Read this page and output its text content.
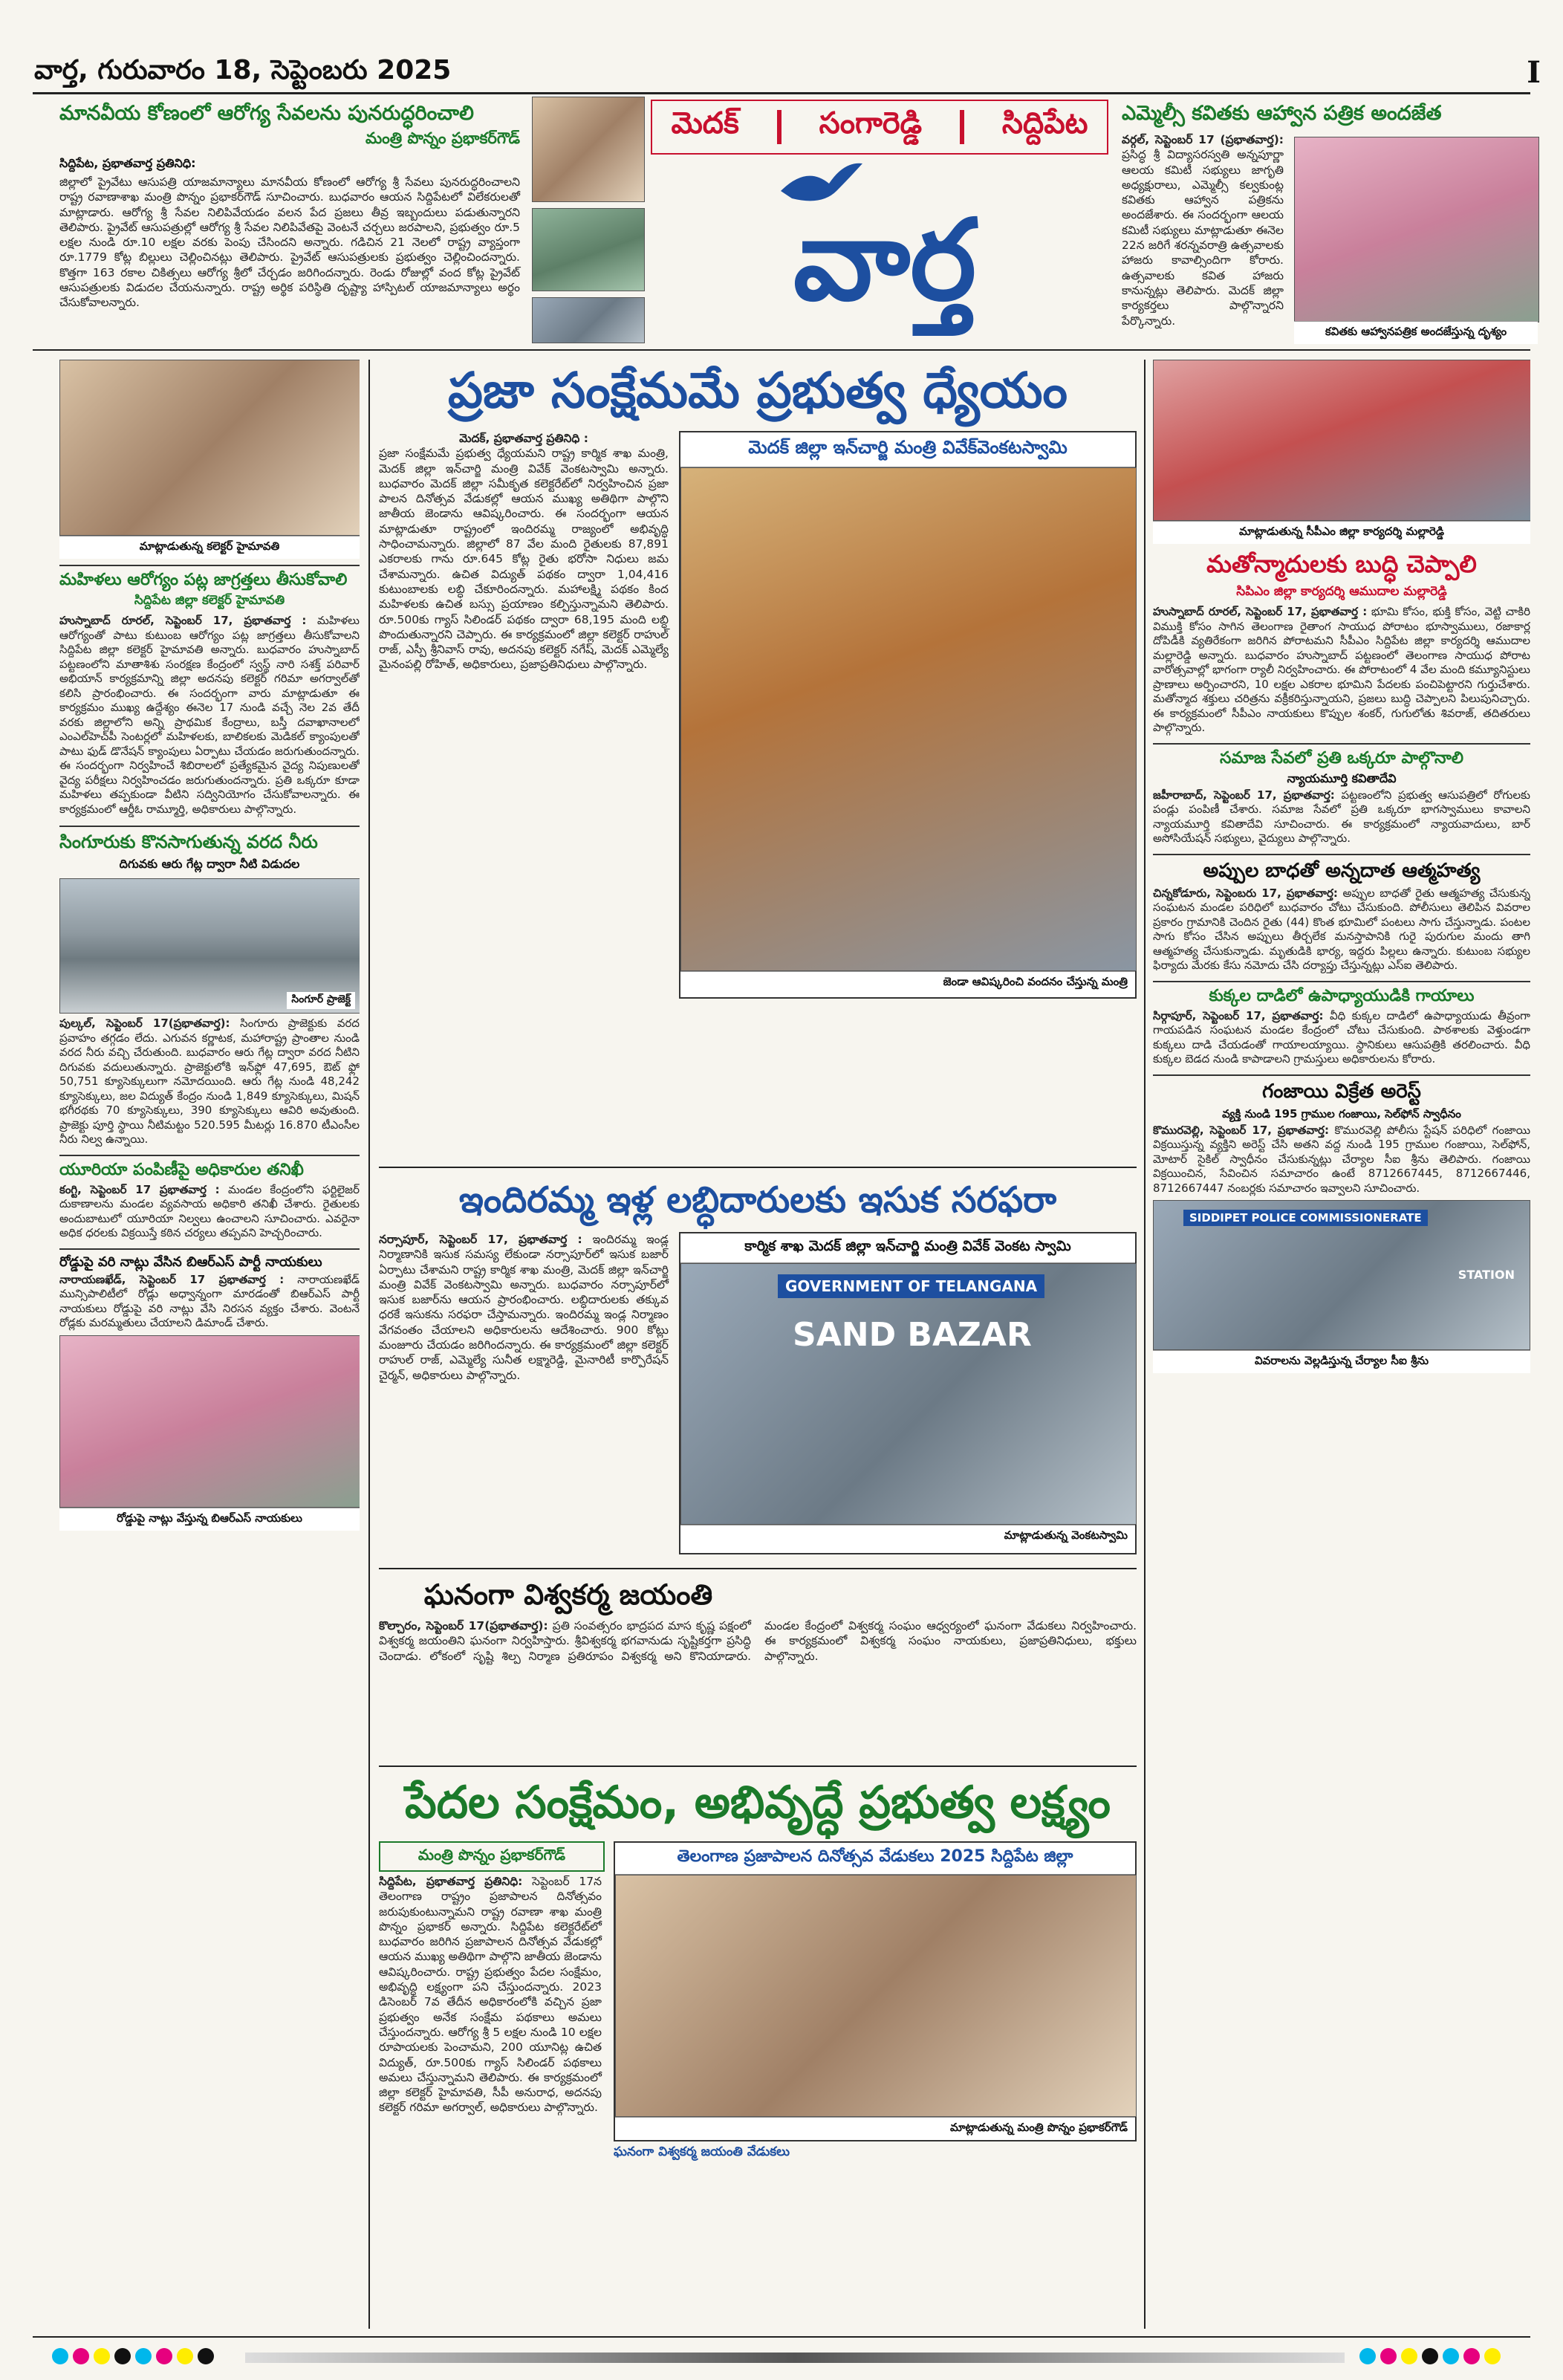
వార్త, గురువారం 18, సెప్టెంబరు 2025	I
మానవీయ కోణంలో ఆరోగ్య సేవలను పునరుద్ధరించాలి
మంత్రి పొన్నం ప్రభాకర్‌గౌడ్
సిద్దిపేట, ప్రభాతవార్త ప్రతినిధి:
జిల్లాలో ప్రైవేటు ఆసుపత్రి యాజమాన్యాలు మానవీయ కోణంలో ఆరోగ్య శ్రీ సేవలు పునరుద్ధరించాలని రాష్ట్ర రవాణాశాఖ మంత్రి పొన్నం ప్రభాకర్‌గౌడ్ సూచించారు. బుధవారం ఆయన సిద్దిపేటలో విలేకరులతో మాట్లాడారు. ఆరోగ్య శ్రీ సేవల నిలిపివేయడం వలన పేద ప్రజలు తీవ్ర ఇబ్బందులు పడుతున్నారని తెలిపారు. ప్రైవేట్ ఆసుపత్రుల్లో ఆరోగ్య శ్రీ సేవల నిలిపివేతపై వెంటనే చర్చలు జరపాలని, ప్రభుత్వం రూ.5 లక్షల నుండి రూ.10 లక్షల వరకు పెంపు చేసిందని అన్నారు. గడిచిన 21 నెలలో రాష్ట్ర వ్యాప్తంగా రూ.1779 కోట్ల బిల్లులు చెల్లించినట్లు తెలిపారు. ప్రైవేట్ ఆసుపత్రులకు ప్రభుత్వం చెల్లించిందన్నారు. కొత్తగా 163 రకాల చికిత్సలు ఆరోగ్య శ్రీలో చేర్చడం జరిగిందన్నారు. రెండు రోజుల్లో వంద కోట్ల ప్రైవేట్ ఆసుపత్రులకు విడుదల చేయనున్నారు. రాష్ట్ర అర్థిక పరిస్థితి దృష్ట్యా హాస్పిటల్ యాజమాన్యాలు అర్థం చేసుకోవాలన్నారు.
మెదక్	సంగారెడ్డి	సిద్దిపేట
వార్త
ఎమ్మెల్సీ కవితకు ఆహ్వాన పత్రిక అందజేత
వర్గల్, సెప్టెంబర్ 17 (ప్రభాతవార్త): ప్రసిద్ధ శ్రీ విద్యాసరస్వతి అన్నపూర్ణా ఆలయ కమిటీ సభ్యులు జాగృతి అధ్యక్షురాలు, ఎమ్మెల్సీ కల్వకుంట్ల కవితకు ఆహ్వాన పత్రికను అందజేశారు. ఈ సందర్భంగా ఆలయ కమిటీ సభ్యులు మాట్లాడుతూ ఈనెల 22న జరిగే శరన్నవరాత్రి ఉత్సవాలకు హాజరు కావాల్సిందిగా కోరారు. ఉత్సవాలకు కవిత హాజరు కానున్నట్లు తెలిపారు. మెదక్ జిల్లా కార్యకర్తలు పాల్గొన్నారని పేర్కొన్నారు.
కవితకు ఆహ్వానపత్రిక అందజేస్తున్న దృశ్యం
మాట్లాడుతున్న కలెక్టర్ హైమావతి
మహిళలు ఆరోగ్యం పట్ల జాగ్రత్తలు తీసుకోవాలి
సిద్దిపేట జిల్లా కలెక్టర్ హైమావతి
హుస్నాబాద్ రూరల్, సెప్టెంబర్ 17, ప్రభాతవార్త : మహిళలు ఆరోగ్యంతో పాటు కుటుంబ ఆరోగ్యం పట్ల జాగ్రత్తలు తీసుకోవాలని సిద్దిపేట జిల్లా కలెక్టర్ హైమావతి అన్నారు. బుధవారం హుస్నాబాద్ పట్టణంలోని మాతాశిశు సంరక్షణ కేంద్రంలో స్వస్థ్ నారి సశక్త్ పరివార్ అభియాన్ కార్యక్రమాన్ని జిల్లా అదనపు కలెక్టర్ గరిమా అగర్వాల్‌తో కలిసి ప్రారంభించారు. ఈ సందర్భంగా వారు మాట్లాడుతూ ఈ కార్యక్రమం ముఖ్య ఉద్దేశ్యం ఈనెల 17 నుండి వచ్చే నెల 2వ తేదీ వరకు జిల్లాలోని అన్ని ప్రాథమిక కేంద్రాలు, బస్తీ దవాఖానాలలో ఎంఎల్‌హెచ్‌పీ సెంటర్లలో మహిళలకు, బాలికలకు మెడికల్ క్యాంపులతో పాటు ఫుడ్ డొనేషన్ క్యాంపులు ఏర్పాటు చేయడం జరుగుతుందన్నారు. ఈ సందర్భంగా నిర్వహించే శిబిరాలలో ప్రత్యేకమైన వైద్య నిపుణులతో వైద్య పరీక్షలు నిర్వహించడం జరుగుతుందన్నారు. ప్రతి ఒక్కరూ కూడా మహిళలు తప్పకుండా వీటిని సద్వినియోగం చేసుకోవాలన్నారు. ఈ కార్యక్రమంలో ఆర్డీఓ రామ్మూర్తి, అధికారులు పాల్గొన్నారు.
సింగూరుకు కొనసాగుతున్న వరద నీరు
దిగువకు ఆరు గేట్ల ద్వారా నీటి విడుదల
సింగూర్ ప్రాజెక్ట్
పుల్కల్, సెప్టెంబర్ 17(ప్రభాతవార్త): సింగూరు ప్రాజెక్టుకు వరద ప్రవాహం తగ్గడం లేదు. ఎగువన కర్ణాటక, మహారాష్ట్ర ప్రాంతాల నుండి వరద నీరు వచ్చి చేరుతుంది. బుధవారం ఆరు గేట్ల ద్వారా వరద నీటిని దిగువకు వదులుతున్నారు. ప్రాజెక్టులోకి ఇన్‌ఫ్లో 47,695, ఔట్ ఫ్లో 50,751 క్యూసెక్కులుగా నమోదయింది. ఆరు గేట్ల నుండి 48,242 క్యూసెక్కులు, జల విద్యుత్ కేంద్రం నుండి 1,849 క్యూసెక్కులు, మిషన్ భగీరథకు 70 క్యూసెక్కులు, 390 క్యూసెక్కులు ఆవిరి అవుతుంది. ప్రాజెక్టు పూర్తి స్థాయి నీటిమట్టం 520.595 మీటర్లు 16.870 టీఎంసీల నీరు నిల్వ ఉన్నాయి.
యూరియా పంపిణీపై అధికారుల తనిఖీ
కంగ్టి, సెప్టెంబర్ 17 ప్రభాతవార్త : మండల కేంద్రంలోని ఫర్టిలైజర్ దుకాణాలను మండల వ్యవసాయ అధికారి తనిఖీ చేశారు. రైతులకు అందుబాటులో యూరియా నిల్వలు ఉంచాలని సూచించారు. ఎవరైనా అధిక ధరలకు విక్రయిస్తే కఠిన చర్యలు తప్పవని హెచ్చరించారు.
రోడ్డుపై వరి నాట్లు వేసిన బిఆర్ఎస్ పార్టీ నాయకులు
నారాయణఖేడ్, సెప్టెంబర్ 17 ప్రభాతవార్త : నారాయణఖేడ్ మున్సిపాలిటీలో రోడ్లు అధ్వాన్నంగా మారడంతో బిఆర్ఎస్ పార్టీ నాయకులు రోడ్డుపై వరి నాట్లు వేసి నిరసన వ్యక్తం చేశారు. వెంటనే రోడ్లకు మరమ్మతులు చేయాలని డిమాండ్ చేశారు.
రోడ్డుపై నాట్లు వేస్తున్న బిఆర్ఎస్ నాయకులు
ప్రజా సంక్షేమమే ప్రభుత్వ ధ్యేయం
మెదక్, ప్రభాతవార్త ప్రతినిధి :
ప్రజా సంక్షేమమే ప్రభుత్వ ధ్యేయమని రాష్ట్ర కార్మిక శాఖ మంత్రి, మెదక్ జిల్లా ఇన్‌చార్జి మంత్రి వివేక్ వెంకటస్వామి అన్నారు. బుధవారం మెదక్ జిల్లా సమీకృత కలెక్టరేట్‌లో నిర్వహించిన ప్రజా పాలన దినోత్సవ వేడుకల్లో ఆయన ముఖ్య అతిథిగా పాల్గొని జాతీయ జెండాను ఆవిష్కరించారు. ఈ సందర్భంగా ఆయన మాట్లాడుతూ రాష్ట్రంలో ఇందిరమ్మ రాజ్యంలో అభివృద్ధి సాధించామన్నారు. జిల్లాలో 87 వేల మంది రైతులకు 87,891 ఎకరాలకు గాను రూ.645 కోట్ల రైతు భరోసా నిధులు జమ చేశామన్నారు. ఉచిత విద్యుత్ పథకం ద్వారా 1,04,416 కుటుంబాలకు లబ్ధి చేకూరిందన్నారు. మహాలక్ష్మి పథకం కింద మహిళలకు ఉచిత బస్సు ప్రయాణం కల్పిస్తున్నామని తెలిపారు. రూ.500కు గ్యాస్ సిలిండర్ పథకం ద్వారా 68,195 మంది లబ్ధి పొందుతున్నారని చెప్పారు. ఈ కార్యక్రమంలో జిల్లా కలెక్టర్ రాహుల్ రాజ్, ఎస్పీ శ్రీనివాస్ రావు, అదనపు కలెక్టర్ నగేష్, మెదక్ ఎమ్మెల్యే మైనంపల్లి రోహిత్, అధికారులు, ప్రజాప్రతినిధులు పాల్గొన్నారు.
మెదక్ జిల్లా ఇన్‌చార్జి మంత్రి వివేక్‌వెంకటస్వామి
జెండా ఆవిష్కరించి వందనం చేస్తున్న మంత్రి
ఇందిరమ్మ ఇళ్ల లబ్ధిదారులకు ఇసుక సరఫరా
నర్సాపూర్, సెప్టెంబర్ 17, ప్రభాతవార్త : ఇందిరమ్మ ఇండ్ల నిర్మాణానికి ఇసుక సమస్య లేకుండా నర్సాపూర్‌లో ఇసుక బజార్ ఏర్పాటు చేశామని రాష్ట్ర కార్మిక శాఖ మంత్రి, మెదక్ జిల్లా ఇన్‌చార్జి మంత్రి వివేక్ వెంకటస్వామి అన్నారు. బుధవారం నర్సాపూర్‌లో ఇసుక బజార్‌ను ఆయన ప్రారంభించారు. లబ్ధిదారులకు తక్కువ ధరకే ఇసుకను సరఫరా చేస్తామన్నారు. ఇందిరమ్మ ఇండ్ల నిర్మాణం వేగవంతం చేయాలని అధికారులను ఆదేశించారు. 900 కోట్లు మంజూరు చేయడం జరిగిందన్నారు. ఈ కార్యక్రమంలో జిల్లా కలెక్టర్ రాహుల్ రాజ్, ఎమ్మెల్యే సునీత లక్ష్మారెడ్డి, మైనారిటీ కార్పొరేషన్ చైర్మన్, అధికారులు పాల్గొన్నారు.
కార్మిక శాఖ మెదక్ జిల్లా ఇన్‌చార్జి మంత్రి వివేక్ వెంకట స్వామి
GOVERNMENT OF TELANGANA
SAND BAZAR
మాట్లాడుతున్న వెంకటస్వామి
ఘనంగా విశ్వకర్మ జయంతి
కొల్చారం, సెప్టెంబర్ 17(ప్రభాతవార్త): ప్రతి సంవత్సరం భాద్రపద మాస కృష్ణ పక్షంలో విశ్వకర్మ జయంతిని ఘనంగా నిర్వహిస్తారు. శ్రీవిశ్వకర్మ భగవానుడు సృష్టికర్తగా ప్రసిద్ధి చెందాడు. లోకంలో సృష్టి శిల్ప నిర్మాణ ప్రతిరూపం విశ్వకర్మ అని కొనియాడారు. మండల కేంద్రంలో విశ్వకర్మ సంఘం ఆధ్వర్యంలో ఘనంగా వేడుకలు నిర్వహించారు. ఈ కార్యక్రమంలో విశ్వకర్మ సంఘం నాయకులు, ప్రజాప్రతినిధులు, భక్తులు పాల్గొన్నారు.
పేదల సంక్షేమం, అభివృద్ధే ప్రభుత్వ లక్ష్యం
మంత్రి పొన్నం ప్రభాకర్‌గౌడ్
సిద్దిపేట, ప్రభాతవార్త ప్రతినిధి: సెప్టెంబర్ 17న తెలంగాణ రాష్ట్రం ప్రజాపాలన దినోత్సవం జరుపుకుంటున్నామని రాష్ట్ర రవాణా శాఖ మంత్రి పొన్నం ప్రభాకర్ అన్నారు. సిద్దిపేట కలెక్టరేట్‌లో బుధవారం జరిగిన ప్రజాపాలన దినోత్సవ వేడుకల్లో ఆయన ముఖ్య అతిథిగా పాల్గొని జాతీయ జెండాను ఆవిష్కరించారు. రాష్ట్ర ప్రభుత్వం పేదల సంక్షేమం, అభివృద్ధి లక్ష్యంగా పని చేస్తుందన్నారు. 2023 డిసెంబర్ 7వ తేదీన అధికారంలోకి వచ్చిన ప్రజా ప్రభుత్వం అనేక సంక్షేమ పథకాలు అమలు చేస్తుందన్నారు. ఆరోగ్య శ్రీ 5 లక్షల నుండి 10 లక్షల రూపాయలకు పెంచామని, 200 యూనిట్ల ఉచిత విద్యుత్, రూ.500కు గ్యాస్ సిలిండర్ పథకాలు అమలు చేస్తున్నామని తెలిపారు. ఈ కార్యక్రమంలో జిల్లా కలెక్టర్ హైమావతి, సీపీ అనురాధ, అదనపు కలెక్టర్ గరిమా అగర్వాల్, అధికారులు పాల్గొన్నారు.
తెలంగాణ ప్రజాపాలన దినోత్సవ వేడుకలు 2025 సిద్దిపేట జిల్లా
మాట్లాడుతున్న మంత్రి పొన్నం ప్రభాకర్‌గౌడ్
ఘనంగా విశ్వకర్మ జయంతి వేడుకలు
మాట్లాడుతున్న సీపీఎం జిల్లా కార్యదర్శి మల్లారెడ్డి
మతోన్మాదులకు బుద్ధి చెప్పాలి
సిపిఎం జిల్లా కార్యదర్శి ఆముదాల మల్లారెడ్డి
హుస్నాబాద్ రూరల్, సెప్టెంబర్ 17, ప్రభాతవార్త : భూమి కోసం, భుక్తి కోసం, వెట్టి చాకిరి విముక్తి కోసం సాగిన తెలంగాణ రైతాంగ సాయుధ పోరాటం భూస్వాములు, రజాకార్ల దోపిడీకి వ్యతిరేకంగా జరిగిన పోరాటమని సీపీఎం సిద్దిపేట జిల్లా కార్యదర్శి ఆముదాల మల్లారెడ్డి అన్నారు. బుధవారం హుస్నాబాద్ పట్టణంలో తెలంగాణ సాయుధ పోరాట వారోత్సవాల్లో భాగంగా ర్యాలీ నిర్వహించారు. ఈ పోరాటంలో 4 వేల మంది కమ్యూనిస్టులు ప్రాణాలు అర్పించారని, 10 లక్షల ఎకరాల భూమిని పేదలకు పంచిపెట్టారని గుర్తుచేశారు. మతోన్మాద శక్తులు చరిత్రను వక్రీకరిస్తున్నాయని, ప్రజలు బుద్ధి చెప్పాలని పిలుపునిచ్చారు. ఈ కార్యక్రమంలో సీపీఎం నాయకులు కొప్పుల శంకర్, గుగులోతు శివరాజ్, తదితరులు పాల్గొన్నారు.
సమాజ సేవలో ప్రతి ఒక్కరూ పాల్గొనాలి
న్యాయమూర్తి కవితాదేవి
జహీరాబాద్, సెప్టెంబర్ 17, ప్రభాతవార్త: పట్టణంలోని ప్రభుత్వ ఆసుపత్రిలో రోగులకు పండ్లు పంపిణీ చేశారు. సమాజ సేవలో ప్రతి ఒక్కరూ భాగస్వాములు కావాలని న్యాయమూర్తి కవితాదేవి సూచించారు. ఈ కార్యక్రమంలో న్యాయవాదులు, బార్ అసోసియేషన్ సభ్యులు, వైద్యులు పాల్గొన్నారు.
అప్పుల బాధతో అన్నదాత ఆత్మహత్య
చిన్నకోడూరు, సెప్టెంబరు 17, ప్రభాతవార్త: అప్పుల బాధతో రైతు ఆత్మహత్య చేసుకున్న సంఘటన మండల పరిధిలో బుధవారం చోటు చేసుకుంది. పోలీసులు తెలిపిన వివరాల ప్రకారం గ్రామానికి చెందిన రైతు (44) కొంత భూమిలో పంటలు సాగు చేస్తున్నాడు. పంటల సాగు కోసం చేసిన అప్పులు తీర్చలేక మనస్తాపానికి గురై పురుగుల మందు తాగి ఆత్మహత్య చేసుకున్నాడు. మృతుడికి భార్య, ఇద్దరు పిల్లలు ఉన్నారు. కుటుంబ సభ్యుల ఫిర్యాదు మేరకు కేసు నమోదు చేసి దర్యాప్తు చేస్తున్నట్లు ఎస్ఐ తెలిపారు.
కుక్కల దాడిలో ఉపాధ్యాయుడికి గాయాలు
సిర్గాపూర్, సెప్టెంబర్ 17, ప్రభాతవార్త: వీధి కుక్కల దాడిలో ఉపాధ్యాయుడు తీవ్రంగా గాయపడిన సంఘటన మండల కేంద్రంలో చోటు చేసుకుంది. పాఠశాలకు వెళ్తుండగా కుక్కలు దాడి చేయడంతో గాయాలయ్యాయి. స్థానికులు ఆసుపత్రికి తరలించారు. వీధి కుక్కల బెడద నుండి కాపాడాలని గ్రామస్తులు అధికారులను కోరారు.
గంజాయి విక్రేత అరెస్ట్
వ్యక్తి నుండి 195 గ్రాముల గంజాయి, సెల్‌ఫోన్ స్వాధీనం
కొమురవెల్లి, సెప్టెంబర్ 17, ప్రభాతవార్త: కొమురవెల్లి పోలీసు స్టేషన్ పరిధిలో గంజాయి విక్రయిస్తున్న వ్యక్తిని అరెస్ట్ చేసి అతని వద్ద నుండి 195 గ్రాముల గంజాయి, సెల్‌ఫోన్, మోటార్ సైకిల్ స్వాధీనం చేసుకున్నట్లు చేర్యాల సీఐ శ్రీను తెలిపారు. గంజాయి విక్రయించిన, సేవించిన సమాచారం ఉంటే 8712667445, 8712667446, 8712667447 నంబర్లకు సమాచారం ఇవ్వాలని సూచించారు.
SIDDIPET POLICE COMMISSIONERATE
STATION
వివరాలను వెల్లడిస్తున్న చేర్యాల సీఐ శ్రీను
